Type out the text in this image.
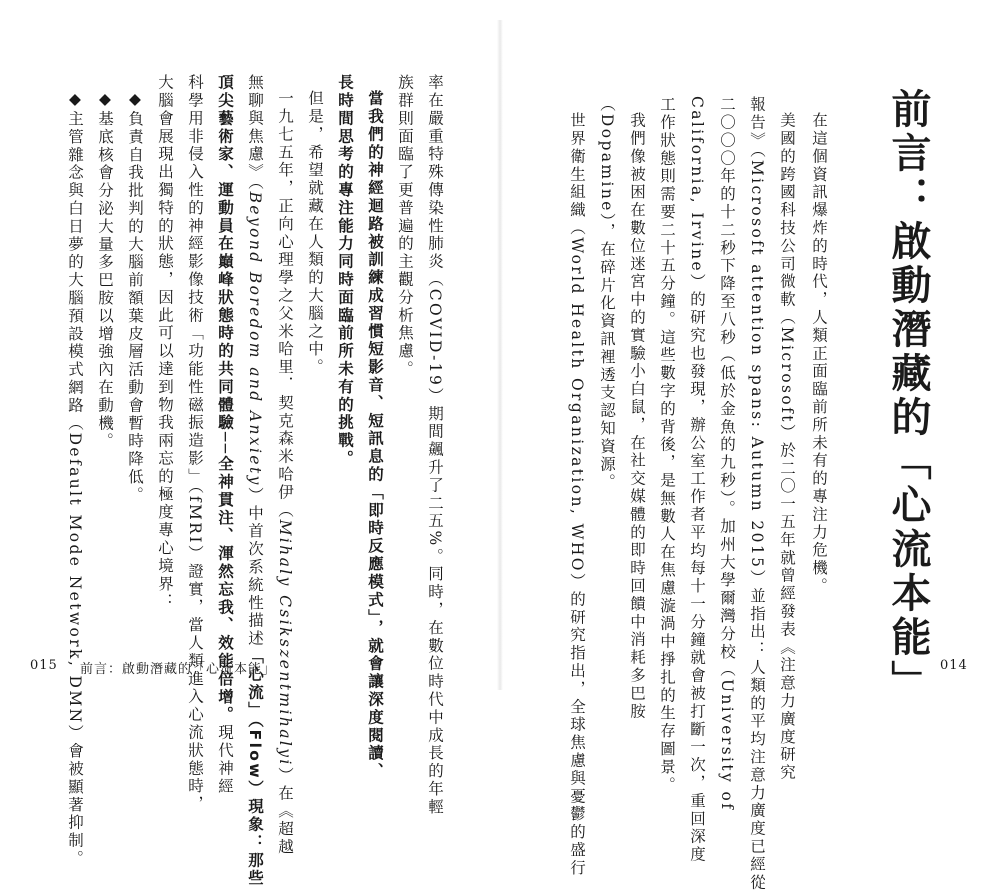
前言：啟動潛藏的「心流本能」
在這個資訊爆炸的時代，人類正面臨前所未有的專注力危機。
美國的跨國科技公司微軟（Microsoft）於二〇一五年就曾經發表《注意力廣度研究
報告》（Microsoft attention spans: Autumn 2015）並指出：人類的平均注意力廣度已經從
二〇〇〇年的十二秒下降至八秒（低於金魚的九秒）。加州大學爾灣分校（University of
California, Irvine）的研究也發現，辦公室工作者平均每十一分鐘就會被打斷一次，重回深度
工作狀態則需要二十五分鐘。這些數字的背後，是無數人在焦慮漩渦中掙扎的生存圖景。
我們像被困在數位迷宮中的實驗小白鼠，在社交媒體的即時回饋中消耗多巴胺
（Dopamine），在碎片化資訊裡透支認知資源。
世界衛生組織（World Health Organization, WHO）的研究指出，全球焦慮與憂鬱的盛行
率在嚴重特殊傳染性肺炎（COVID-19）期間飆升了二五%。同時，在數位時代中成長的年輕
族群則面臨了更普遍的主觀分析焦慮。
當我們的神經迴路被訓練成習慣短影音、短訊息的「即時反應模式」，就會讓深度閱讀、
長時間思考的專注能力同時面臨前所未有的挑戰。
但是，希望就藏在人類的大腦之中。
一九七五年，正向心理學之父米哈里．契克森米哈伊（Mihaly Csikszentmihalyi）在《超越
無聊與焦慮》（Beyond Boredom and Anxiety）中首次系統性描述「心流」（Flow）現象：那些
頂尖藝術家、運動員在巔峰狀態時的共同體驗──全神貫注、渾然忘我、效能倍增。現代神經
科學用非侵入性的神經影像技術「功能性磁振造影」（fMRI）證實，當人類進入心流狀態時，
大腦會展現出獨特的狀態，因此可以達到物我兩忘的極度專心境界：
◆負責自我批判的大腦前額葉皮層活動會暫時降低。
◆基底核會分泌大量多巴胺以增強內在動機。
◆主管雜念與白日夢的大腦預設模式網路（Default Mode Network, DMN）會被顯著抑制。
015 前言：啟動潛藏的「心流本能」	014
